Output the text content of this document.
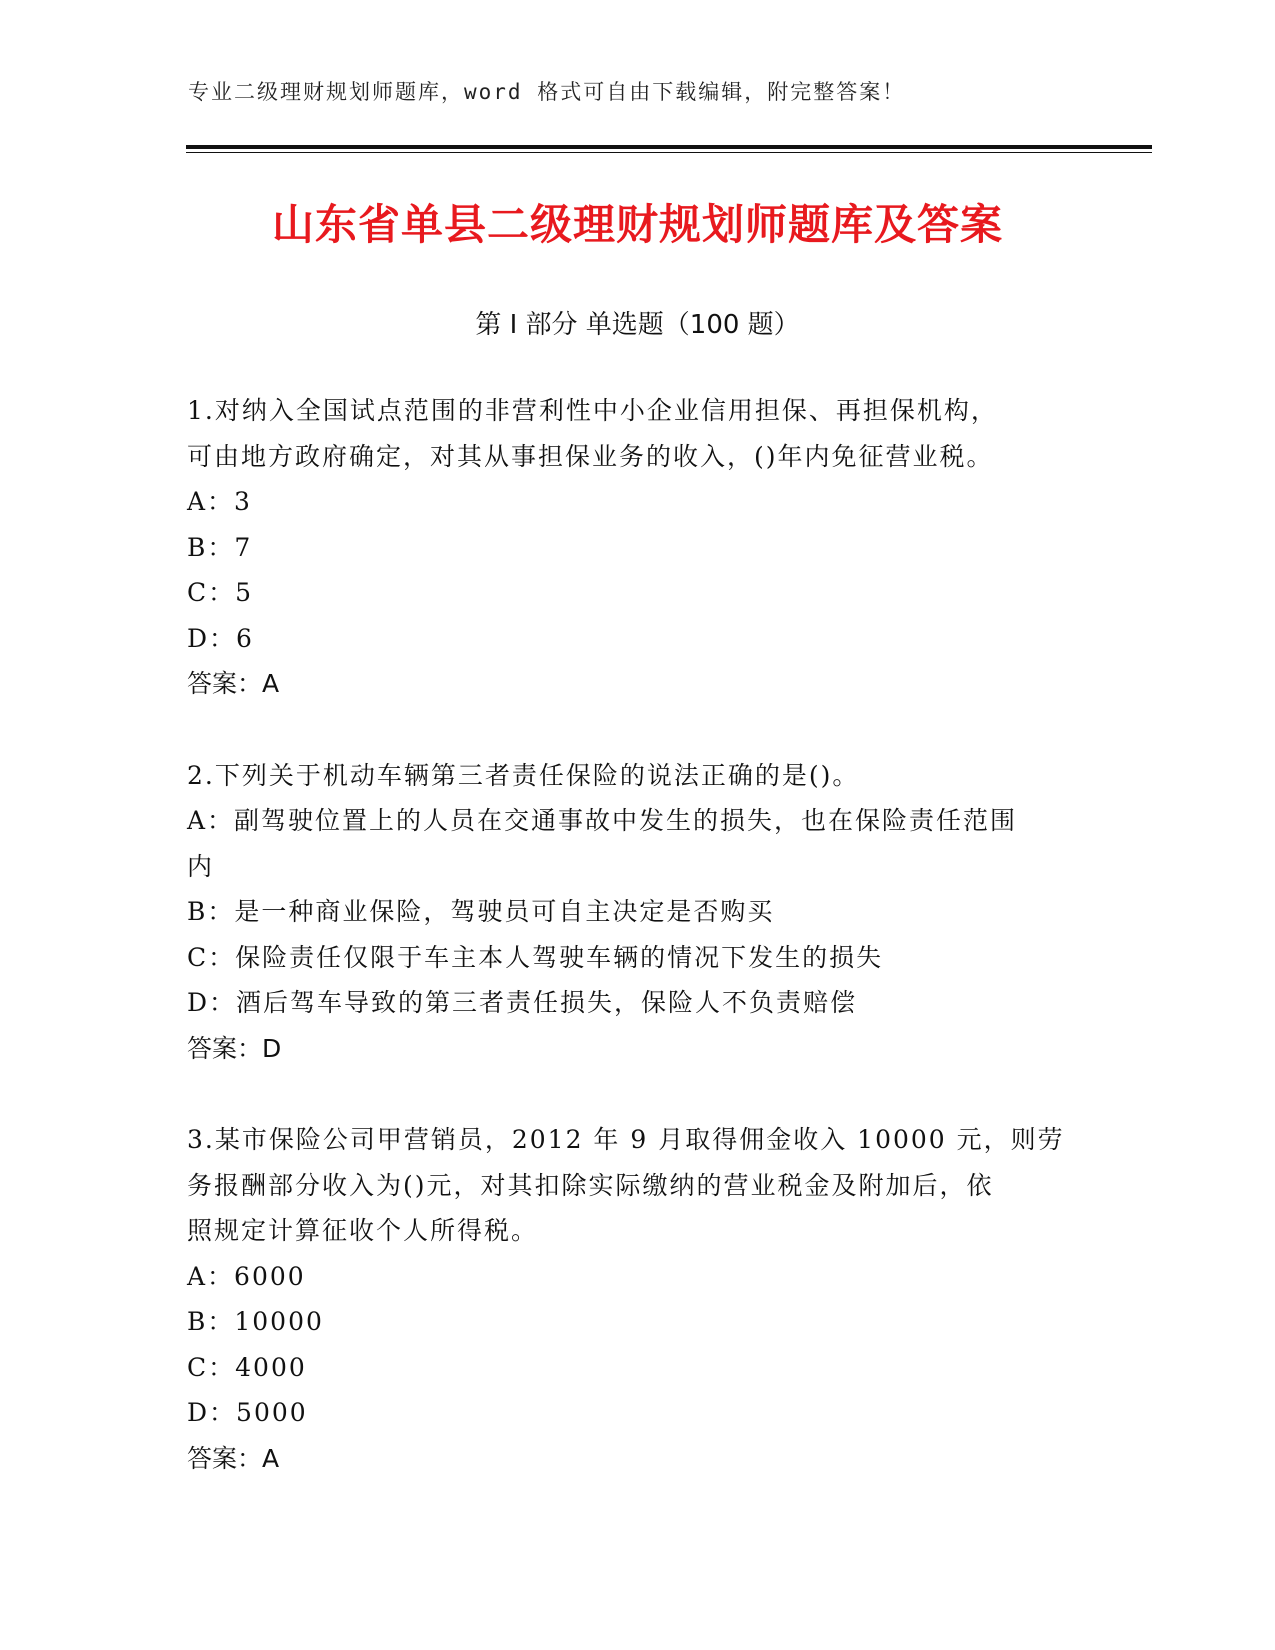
专业二级理财规划师题库，word 格式可自由下载编辑，附完整答案！
山东省单县二级理财规划师题库及答案
第 I 部分 单选题（100 题）
1.对纳入全国试点范围的非营利性中小企业信用担保、再担保机构，
可由地方政府确定，对其从事担保业务的收入，()年内免征营业税。
A：3
B：7
C：5
D：6
答案：A
2.下列关于机动车辆第三者责任保险的说法正确的是()。
A：副驾驶位置上的人员在交通事故中发生的损失，也在保险责任范围
内
B：是一种商业保险，驾驶员可自主决定是否购买
C：保险责任仅限于车主本人驾驶车辆的情况下发生的损失
D：酒后驾车导致的第三者责任损失，保险人不负责赔偿
答案：D
3.某市保险公司甲营销员，2012 年 9 月取得佣金收入 10000 元，则劳
务报酬部分收入为()元，对其扣除实际缴纳的营业税金及附加后，依
照规定计算征收个人所得税。
A：6000
B：10000
C：4000
D：5000
答案：A
